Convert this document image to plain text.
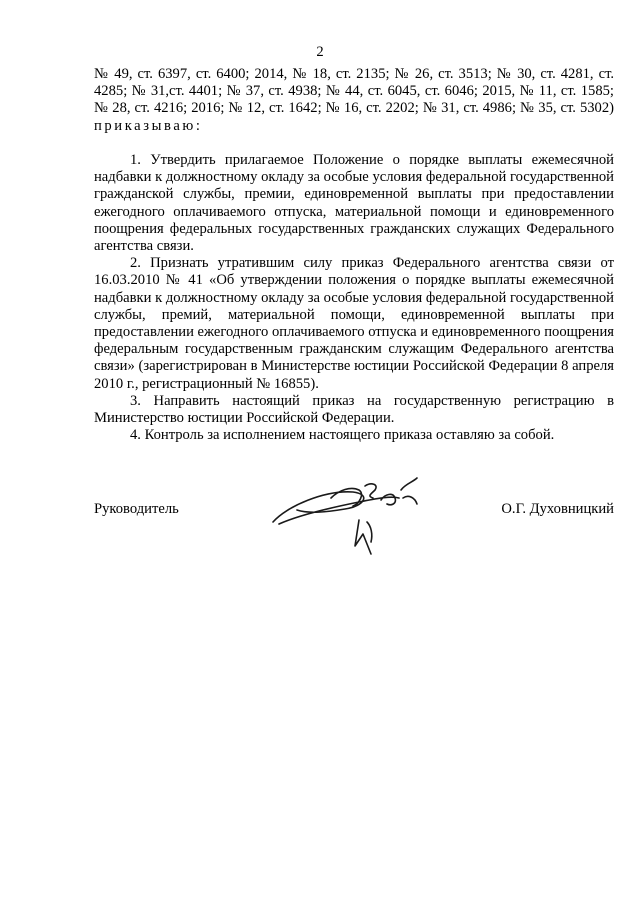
2
№ 49, ст. 6397, ст. 6400; 2014, № 18, ст. 2135; № 26, ст. 3513; № 30, ст. 4281, ст. 4285; № 31,ст. 4401; № 37, ст. 4938; № 44, ст. 6045, ст. 6046; 2015, № 11, ст. 1585; № 28, ст. 4216; 2016; № 12, ст. 1642; № 16, ст. 2202; № 31, ст. 4986; № 35, ст. 5302) приказываю:

1. Утвердить прилагаемое Положение о порядке выплаты ежемесячной надбавки к должностному окладу за особые условия федеральной государственной гражданской службы, премии, единовременной выплаты при предоставлении ежегодного оплачиваемого отпуска, материальной помощи и единовременного поощрения федеральных государственных гражданских служащих Федерального агентства связи.

2. Признать утратившим силу приказ Федерального агентства связи от 16.03.2010 № 41 «Об утверждении положения о порядке выплаты ежемесячной надбавки к должностному окладу за особые условия федеральной государственной службы, премий, материальной помощи, единовременной выплаты при предоставлении ежегодного оплачиваемого отпуска и единовременного поощрения федеральным государственным гражданским служащим Федерального агентства связи» (зарегистрирован в Министерстве юстиции Российской Федерации 8 апреля 2010 г., регистрационный № 16855).

3. Направить настоящий приказ на государственную регистрацию в Министерство юстиции Российской Федерации.

4. Контроль за исполнением настоящего приказа оставляю за собой.

Руководитель	О.Г. Духовницкий
